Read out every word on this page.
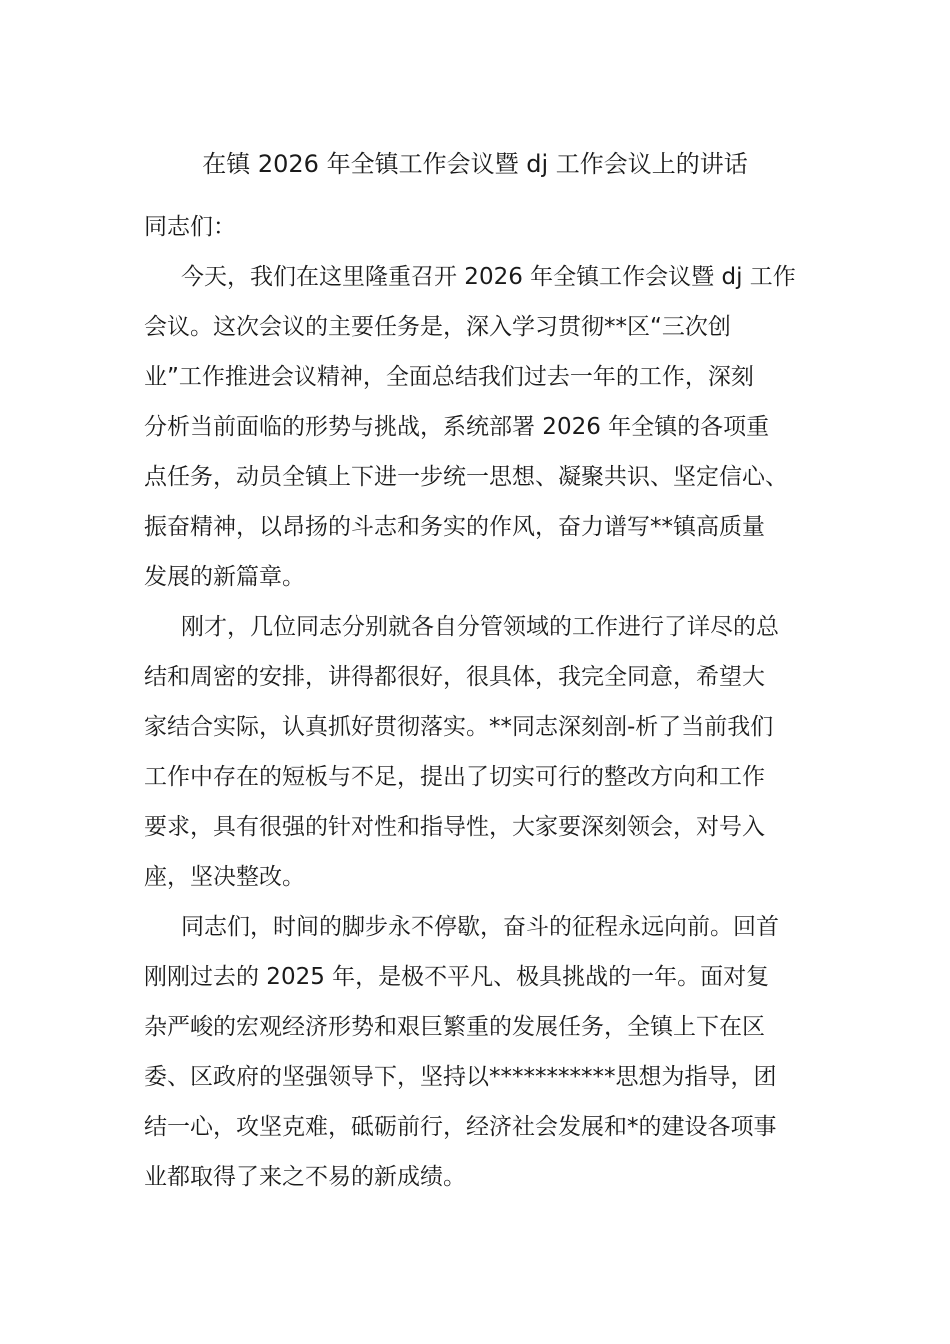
在镇 2026 年全镇工作会议暨 dj 工作会议上的讲话

同志们：

今天，我们在这里隆重召开 2026 年全镇工作会议暨 dj 工作
会议。这次会议的主要任务是，深入学习贯彻**区“三次创
业”工作推进会议精神，全面总结我们过去一年的工作，深刻
分析当前面临的形势与挑战，系统部署 2026 年全镇的各项重
点任务，动员全镇上下进一步统一思想、凝聚共识、坚定信心、
振奋精神，以昂扬的斗志和务实的作风，奋力谱写**镇高质量
发展的新篇章。

刚才，几位同志分别就各自分管领域的工作进行了详尽的总
结和周密的安排，讲得都很好，很具体，我完全同意，希望大
家结合实际，认真抓好贯彻落实。**同志深刻剖-析了当前我们
工作中存在的短板与不足，提出了切实可行的整改方向和工作
要求，具有很强的针对性和指导性，大家要深刻领会，对号入
座，坚决整改。

同志们，时间的脚步永不停歇，奋斗的征程永远向前。回首
刚刚过去的 2025 年，是极不平凡、极具挑战的一年。面对复
杂严峻的宏观经济形势和艰巨繁重的发展任务，全镇上下在区
委、区政府的坚强领导下，坚持以***********思想为指导，团
结一心，攻坚克难，砥砺前行，经济社会发展和*的建设各项事
业都取得了来之不易的新成绩。
